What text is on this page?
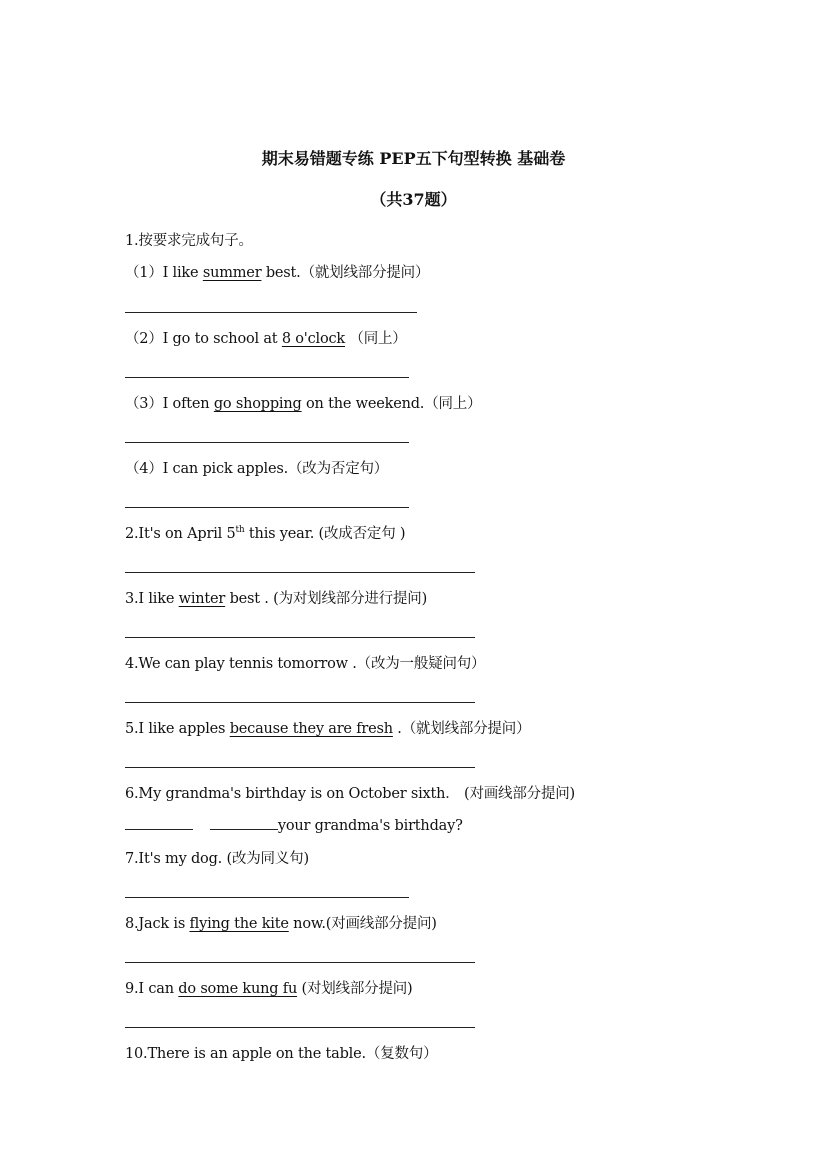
期末易错题专练 PEP五下句型转换 基础卷
（共37题）
1.按要求完成句子。
（1）I like summer best.（就划线部分提问）
（2）I go to school at 8 o'clock （同上）
（3）I often go shopping on the weekend.（同上）
（4）I can pick apples.（改为否定句）
2.It's on April 5th this year. (改成否定句 )
3.I like winter best . (为对划线部分进行提问)
4.We can play tennis tomorrow .（改为一般疑问句）
5.I like apples because they are fresh .（就划线部分提问）
6.My grandma's birthday is on October sixth． (对画线部分提问)
your grandma's birthday?
7.It's my dog. (改为同义句)
8.Jack is flying the kite now.(对画线部分提问)
9.I can do some kung fu (对划线部分提问)
10.There is an apple on the table.（复数句）
